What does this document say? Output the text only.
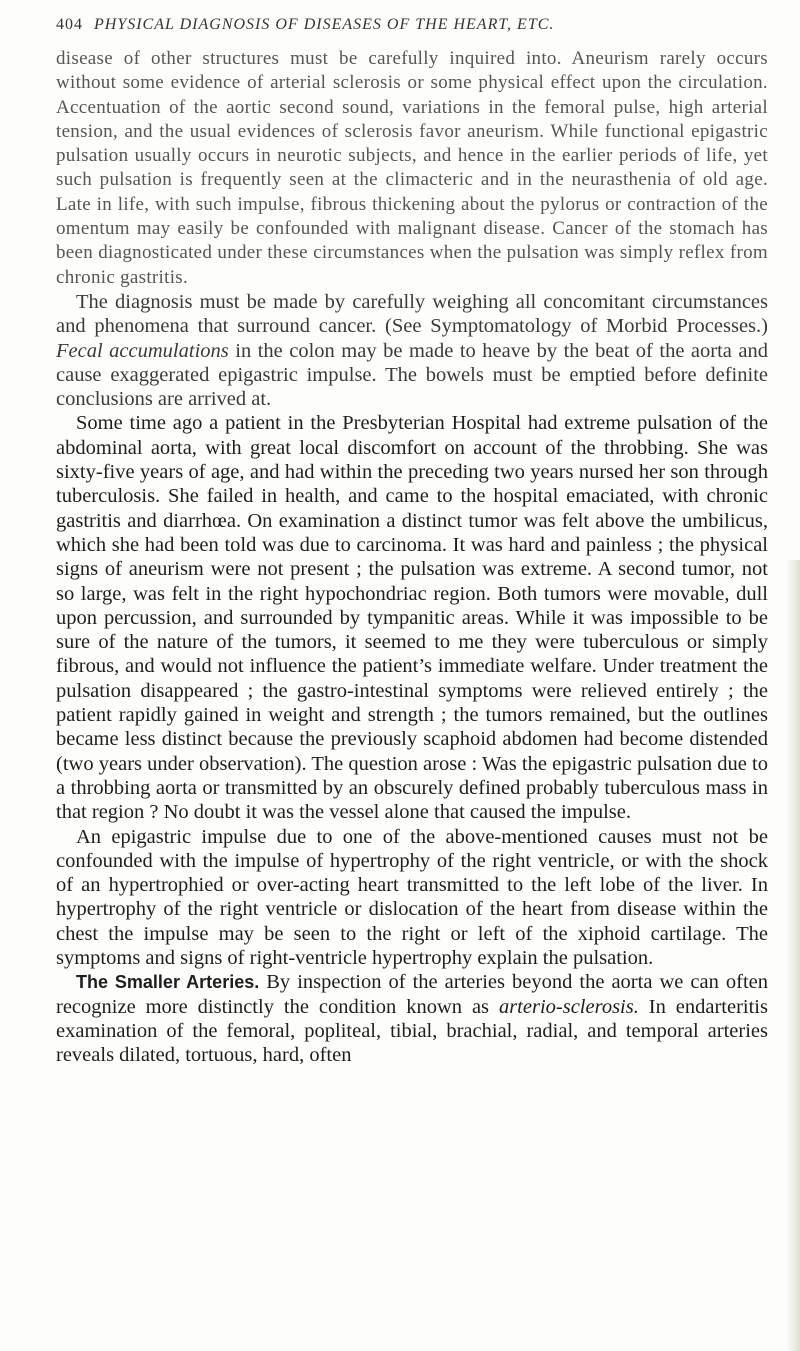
404 PHYSICAL DIAGNOSIS OF DISEASES OF THE HEART, ETC.

disease of other structures must be carefully inquired into. Aneurism rarely occurs without some evidence of arterial sclerosis or some physical effect upon the circulation. Accentuation of the aortic second sound, variations in the femoral pulse, high arterial tension, and the usual evidences of sclerosis favor aneurism. While functional epigastric pulsation usually occurs in neurotic subjects, and hence in the earlier periods of life, yet such pulsation is frequently seen at the climacteric and in the neurasthenia of old age. Late in life, with such impulse, fibrous thickening about the pylorus or contraction of the omentum may easily be confounded with malignant disease. Cancer of the stomach has been diagnosticated under these circumstances when the pulsation was simply reflex from chronic gastritis.

The diagnosis must be made by carefully weighing all concomitant circumstances and phenomena that surround cancer. (See Symptomatology of Morbid Processes.) Fecal accumulations in the colon may be made to heave by the beat of the aorta and cause exaggerated epigastric impulse. The bowels must be emptied before definite conclusions are arrived at.

Some time ago a patient in the Presbyterian Hospital had extreme pulsation of the abdominal aorta, with great local discomfort on account of the throbbing. She was sixty-five years of age, and had within the preceding two years nursed her son through tuberculosis. She failed in health, and came to the hospital emaciated, with chronic gastritis and diarrhœa. On examination a distinct tumor was felt above the umbilicus, which she had been told was due to carcinoma. It was hard and painless ; the physical signs of aneurism were not present ; the pulsation was extreme. A second tumor, not so large, was felt in the right hypochondriac region. Both tumors were movable, dull upon percussion, and surrounded by tympanitic areas. While it was impossible to be sure of the nature of the tumors, it seemed to me they were tuberculous or simply fibrous, and would not influence the patient’s immediate welfare. Under treatment the pulsation disappeared ; the gastro-intestinal symptoms were relieved entirely ; the patient rapidly gained in weight and strength ; the tumors remained, but the outlines became less distinct because the previously scaphoid abdomen had become distended (two years under observation). The question arose : Was the epigastric pulsation due to a throbbing aorta or transmitted by an obscurely defined probably tuberculous mass in that region ? No doubt it was the vessel alone that caused the impulse.

An epigastric impulse due to one of the above-mentioned causes must not be confounded with the impulse of hypertrophy of the right ventricle, or with the shock of an hypertrophied or over-acting heart transmitted to the left lobe of the liver. In hypertrophy of the right ventricle or dislocation of the heart from disease within the chest the impulse may be seen to the right or left of the xiphoid cartilage. The symptoms and signs of right-ventricle hypertrophy explain the pulsation.

The Smaller Arteries. By inspection of the arteries beyond the aorta we can often recognize more distinctly the condition known as arterio-sclerosis. In endarteritis examination of the femoral, popliteal, tibial, brachial, radial, and temporal arteries reveals dilated, tortuous, hard, often
